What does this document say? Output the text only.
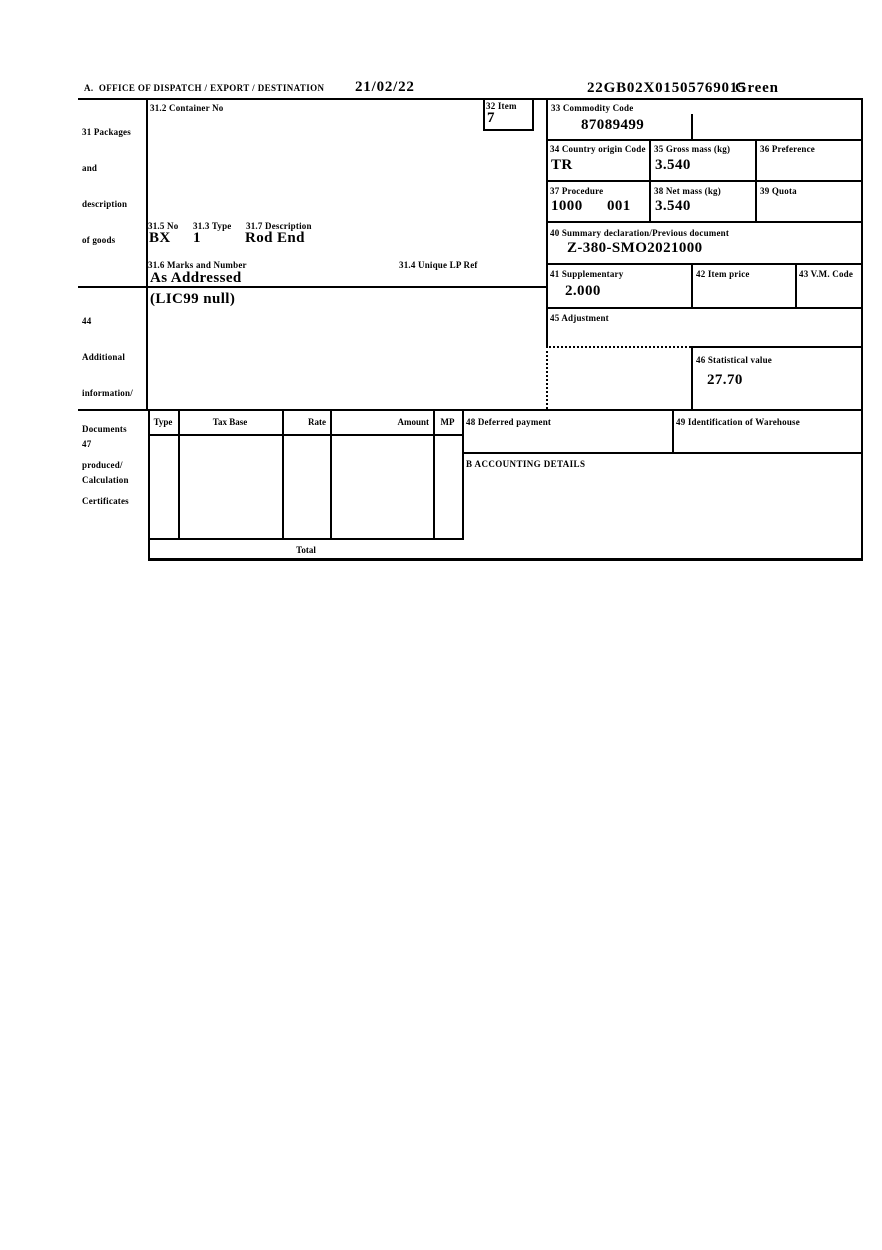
A.  OFFICE OF DISPATCH / EXPORT / DESTINATION 21/02/22	22GB02X01505769015
Green

31 Packages

and

description

of goods

31.2 Container No	32 Item
7
33 Commodity Code
87089499
34 Country origin Code
TR
35 Gross mass (kg)
3.540
36 Preference
37 Procedure
1000 001
38 Net mass (kg)
3.540
39 Quota
31.5 No 31.3 Type 31.7 Description
BX 1	Rod End
31.6 Marks and Number	31.4 Unique LP Ref
As Addressed
40 Summary declaration/Previous document
Z-380-SMO2021000
41 Supplementary
2.000
42 Item price	43 V.M. Code

44

Additional

information/

Documents

produced/

Certificates

(LIC99 null)
45 Adjustment
46 Statistical value
27.70

47

Calculation

Type	Tax Base	Rate	Amount	MP
Total
48 Deferred payment	49 Identification of Warehouse
B ACCOUNTING DETAILS
